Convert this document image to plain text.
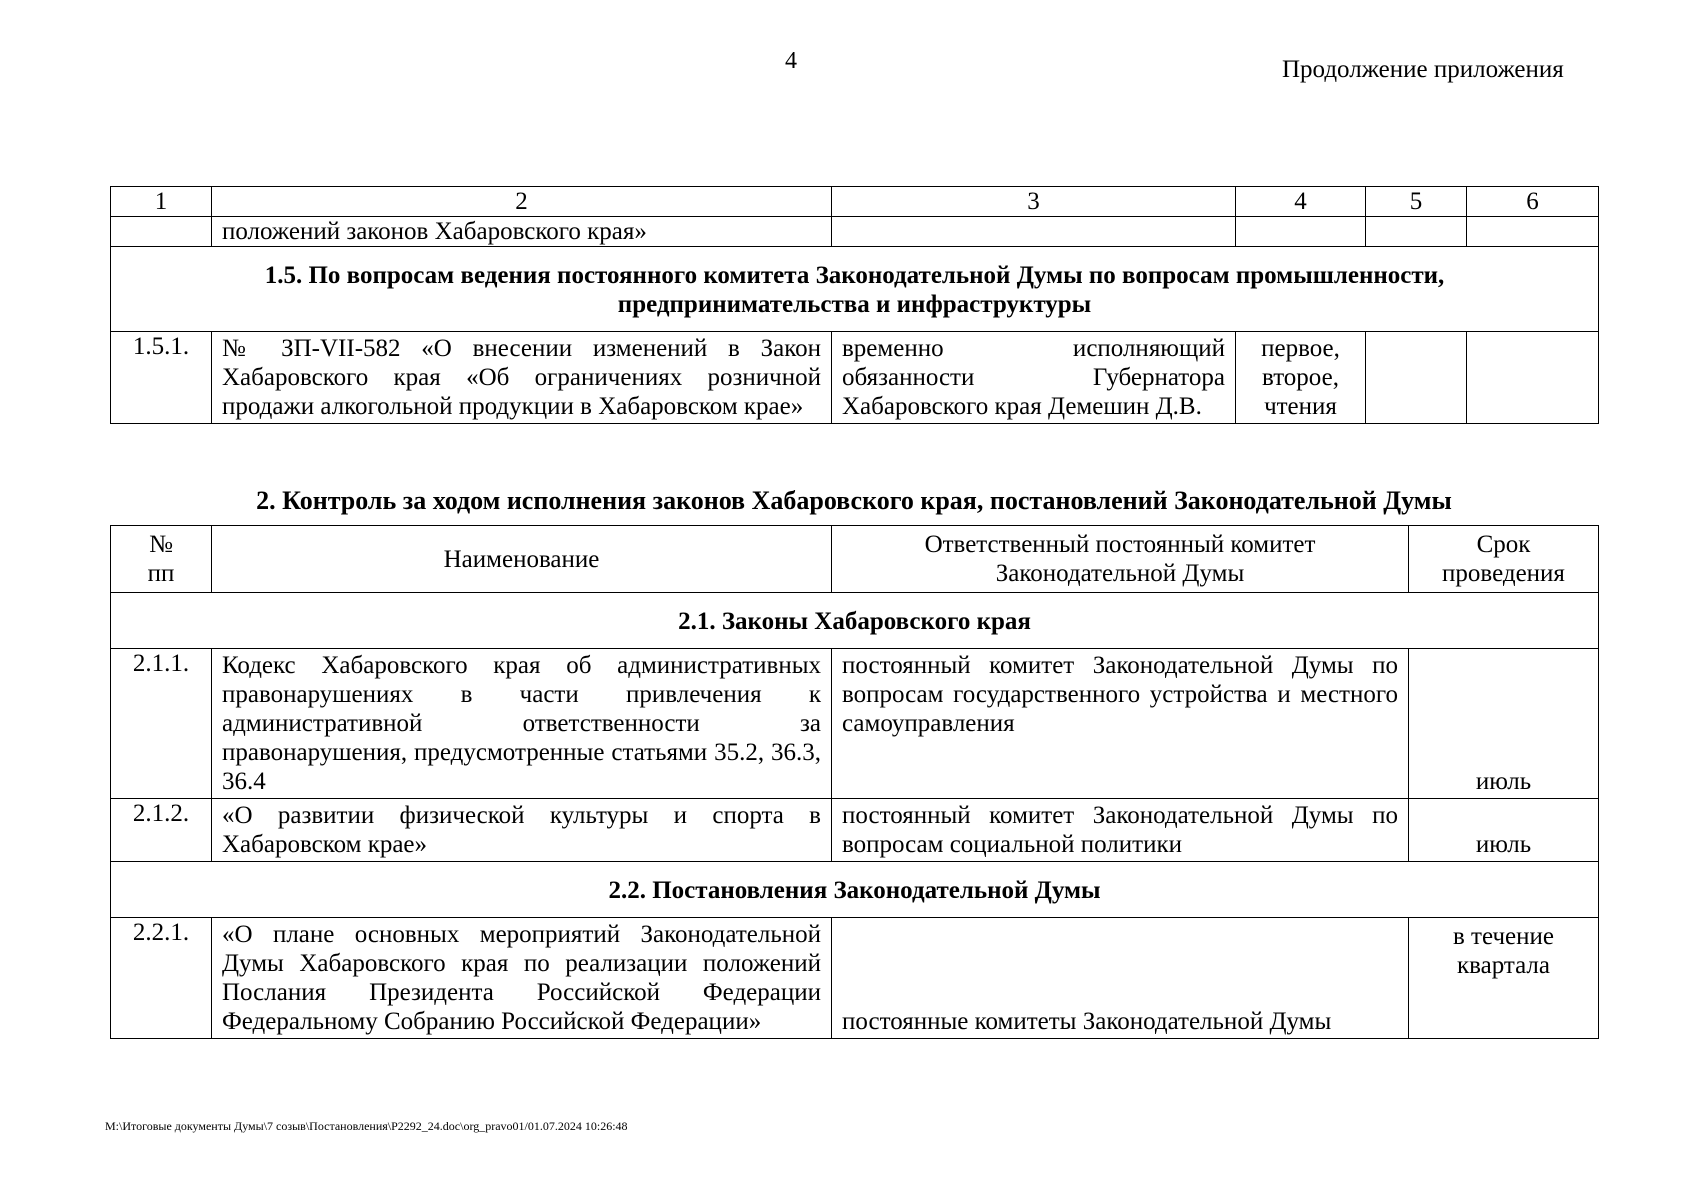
4	Продолжение приложения
1	2	3	4	5	6
	положений законов Хабаровского края»				
1.5. По вопросам ведения постоянного комитета Законодательной Думы по вопросам промышленности, предпринимательства и инфраструктуры					
1.5.1.	№ ЗП-VII-582 «О внесении изменений в Закон Хабаровского края «Об ограничениях розничной продажи алкогольной продукции в Хабаровском крае»	временно исполняющий обязанности Губернатора Хабаровского края Демешин Д.В.	первое, второе, чтения		
2. Контроль за ходом исполнения законов Хабаровского края, постановлений Законодательной Думы
№ пп	Наименование	Ответственный постоянный комитет Законодательной Думы	Срок проведения
2.1. Законы Хабаровского края			
2.1.1.	Кодекс Хабаровского края об административных правонарушениях в части привлечения к административной ответственности за правонарушения, предусмотренные статьями 35.2, 36.3, 36.4	постоянный комитет Законодательной Думы по вопросам государственного устройства и местного самоуправления	июль
2.1.2.	«О развитии физической культуры и спорта в Хабаровском крае»	постоянный комитет Законодательной Думы по вопросам социальной политики	июль
2.2. Постановления Законодательной Думы			
2.2.1.	«О плане основных мероприятий Законодательной Думы Хабаровского края по реализации положений Послания Президента Российской Федерации Федеральному Собранию Российской Федерации»	постоянные комитеты Законодательной Думы	в течение квартала
M:\Итоговые документы Думы\7 созыв\Постановления\P2292_24.doc\org_pravo01/01.07.2024 10:26:48
